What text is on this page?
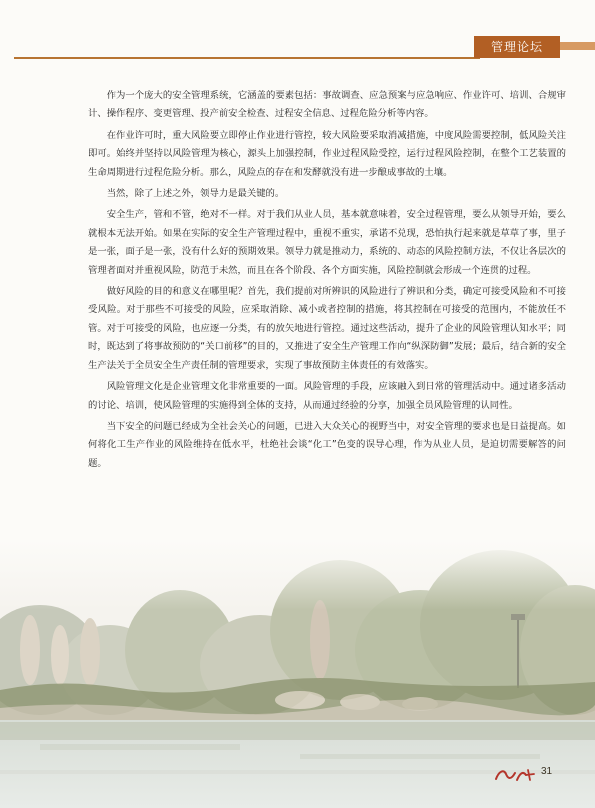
管理论坛

作为一个庞大的安全管理系统，它涵盖的要素包括：事故调查、应急预案与应急响应、作业许可、培训、合规审计、操作程序、变更管理、投产前安全检查、过程安全信息、过程危险分析等内容。

在作业许可时，重大风险要立即停止作业进行管控，较大风险要采取消减措施，中度风险需要控制，低风险关注即可。始终并坚持以风险管理为核心，源头上加强控制，作业过程风险受控，运行过程风险控制，在整个工艺装置的生命周期进行过程危险分析。那么，风险点的存在和发酵就没有进一步酿成事故的土壤。

当然，除了上述之外，领导力是最关键的。

安全生产，管和不管，绝对不一样。对于我们从业人员，基本就意味着，安全过程管理，要么从领导开始，要么就根本无法开始。如果在实际的安全生产管理过程中，重视不重实，承诺不兑现，恐怕执行起来就是草草了事，里子是一张，面子是一张，没有什么好的预期效果。领导力就是推动力，系统的、动态的风险控制方法，不仅让各层次的管理者面对并重视风险，防范于未然，而且在各个阶段、各个方面实施，风险控制就会形成一个连贯的过程。

做好风险的目的和意义在哪里呢？首先，我们提前对所辨识的风险进行了辨识和分类，确定可接受风险和不可接受风险。对于那些不可接受的风险，应采取消除、减小或者控制的措施，将其控制在可接受的范围内，不能放任不管。对于可接受的风险，也应逐一分类，有的放矢地进行管控。通过这些活动，提升了企业的风险管理认知水平；同时，既达到了将事故预防的“关口前移”的目的，又推进了安全生产管理工作向“纵深防御”发展；最后，结合新的安全生产法关于全员安全生产责任制的管理要求，实现了事故预防主体责任的有效落实。

风险管理文化是企业管理文化非常重要的一面。风险管理的手段，应该融入到日常的管理活动中。通过诸多活动的讨论、培训，使风险管理的实施得到全体的支持，从而通过经验的分享，加强全员风险管理的认同性。

当下安全的问题已经成为全社会关心的问题，已进入大众关心的视野当中，对安全管理的要求也是日益提高。如何将化工生产作业的风险维持在低水平，杜绝社会谈“化工”色变的误导心理，作为从业人员，是迫切需要解答的问题。

31
